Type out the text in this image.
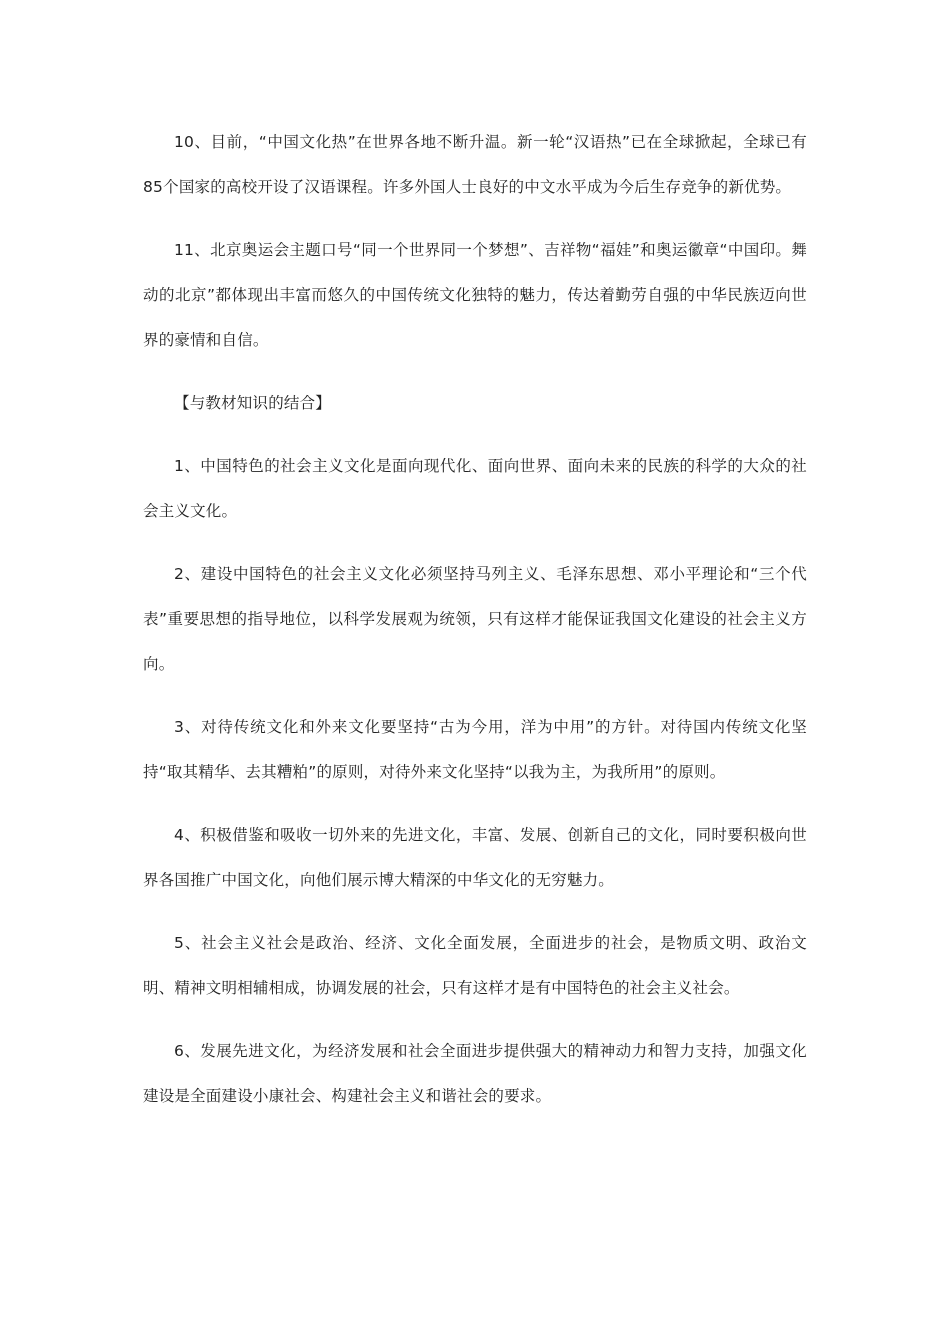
10、目前，“中国文化热”在世界各地不断升温。新一轮“汉语热”已在全球掀起，全球已有85个国家的高校开设了汉语课程。许多外国人士良好的中文水平成为今后生存竞争的新优势。

11、北京奥运会主题口号“同一个世界同一个梦想”、吉祥物“福娃”和奥运徽章“中国印。舞动的北京”都体现出丰富而悠久的中国传统文化独特的魅力，传达着勤劳自强的中华民族迈向世界的豪情和自信。

【与教材知识的结合】

1、中国特色的社会主义文化是面向现代化、面向世界、面向未来的民族的科学的大众的社会主义文化。

2、建设中国特色的社会主义文化必须坚持马列主义、毛泽东思想、邓小平理论和“三个代表”重要思想的指导地位，以科学发展观为统领，只有这样才能保证我国文化建设的社会主义方向。

3、对待传统文化和外来文化要坚持“古为今用，洋为中用”的方针。对待国内传统文化坚持“取其精华、去其糟粕”的原则，对待外来文化坚持“以我为主，为我所用”的原则。

4、积极借鉴和吸收一切外来的先进文化，丰富、发展、创新自己的文化，同时要积极向世界各国推广中国文化，向他们展示博大精深的中华文化的无穷魅力。

5、社会主义社会是政治、经济、文化全面发展，全面进步的社会，是物质文明、政治文明、精神文明相辅相成，协调发展的社会，只有这样才是有中国特色的社会主义社会。

6、发展先进文化，为经济发展和社会全面进步提供强大的精神动力和智力支持，加强文化建设是全面建设小康社会、构建社会主义和谐社会的要求。
